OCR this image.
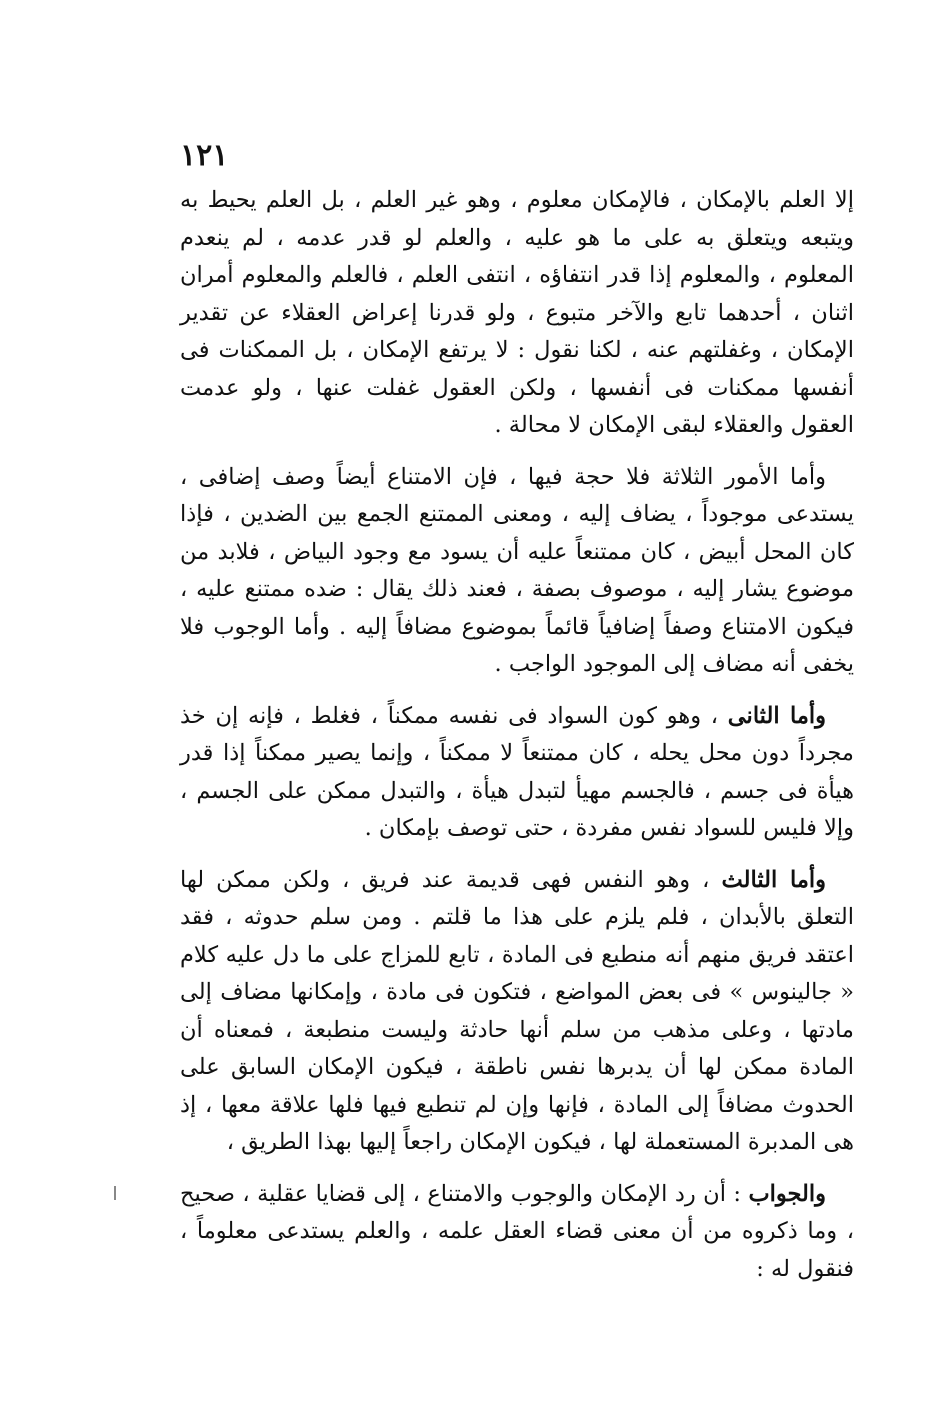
١٢١

إلا العلم بالإمكان ، فالإمكان معلوم ، وهو غير العلم ، بل العلم يحيط به ويتبعه ويتعلق به على ما هو عليه ، والعلم لو قدر عدمه ، لم ينعدم المعلوم ، والمعلوم إذا قدر انتفاؤه ، انتفى العلم ، فالعلم والمعلوم أمران اثنان ، أحدهما تابع والآخر متبوع ، ولو قدرنا إعراض العقلاء عن تقدير الإمكان ، وغفلتهم عنه ، لكنا نقول : لا يرتفع الإمكان ، بل الممكنات فى أنفسها ممكنات فى أنفسها ، ولكن العقول غفلت عنها ، ولو عدمت العقول والعقلاء لبقى الإمكان لا محالة .

وأما الأمور الثلاثة فلا حجة فيها ، فإن الامتناع أيضاً وصف إضافى ، يستدعى موجوداً ، يضاف إليه ، ومعنى الممتنع الجمع بين الضدين ، فإذا كان المحل أبيض ، كان ممتنعاً عليه أن يسود مع وجود البياض ، فلابد من موضوع يشار إليه ، موصوف بصفة ، فعند ذلك يقال : ضده ممتنع عليه ، فيكون الامتناع وصفاً إضافياً قائماً بموضوع مضافاً إليه . وأما الوجوب فلا يخفى أنه مضاف إلى الموجود الواجب .

وأما الثانى ، وهو كون السواد فى نفسه ممكناً ، فغلط ، فإنه إن خذ مجرداً دون محل يحله ، كان ممتنعاً لا ممكناً ، وإنما يصير ممكناً إذا قدر هيأة فى جسم ، فالجسم مهيأ لتبدل هيأة ، والتبدل ممكن على الجسم ، وإلا فليس للسواد نفس مفردة ، حتى توصف بإمكان .

وأما الثالث ، وهو النفس فهى قديمة عند فريق ، ولكن ممكن لها التعلق بالأبدان ، فلم يلزم على هذا ما قلتم . ومن سلم حدوثه ، فقد اعتقد فريق منهم أنه منطبع فى المادة ، تابع للمزاج على ما دل عليه كلام « جالينوس » فى بعض المواضع ، فتكون فى مادة ، وإمكانها مضاف إلى مادتها ، وعلى مذهب من سلم أنها حادثة وليست منطبعة ، فمعناه أن المادة ممكن لها أن يدبرها نفس ناطقة ، فيكون الإمكان السابق على الحدوث مضافاً إلى المادة ، فإنها وإن لم تنطبع فيها فلها علاقة معها ، إذ هى المدبرة المستعملة لها ، فيكون الإمكان راجعاً إليها بهذا الطريق ،

والجواب : أن رد الإمكان والوجوب والامتناع ، إلى قضايا عقلية ، صحيح ، وما ذكروه من أن معنى قضاء العقل علمه ، والعلم يستدعى معلوماً ، فنقول له :
